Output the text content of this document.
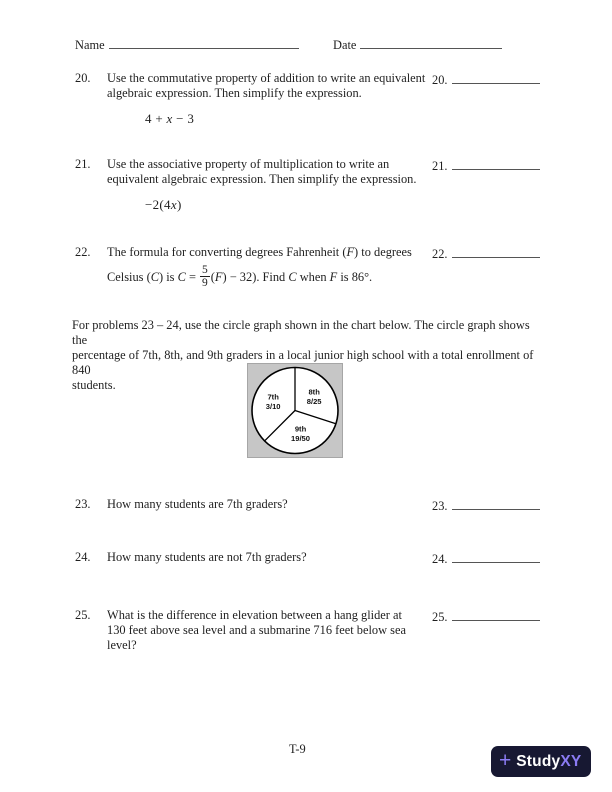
Name	Date
20.	Use the commutative property of addition to write an equivalent
algebraic expression. Then simplify the expression.
4 + x − 3
20.
21.	Use the associative property of multiplication to write an
equivalent algebraic expression. Then simplify the expression.
−2(4x)
21.
22.	The formula for converting degrees Fahrenheit (F) to degrees
Celsius (C) is $C = \frac{5}{9} (F) - 32$). Find C when F is 86°.
22.
For problems 23 – 24, use the circle graph shown in the chart below. The circle graph shows the
percentage of 7th, 8th, and 9th graders in a local junior high school with a total enrollment of 840
students.
8th
8/25
9th
19/50
7th
3/10
23.	How many students are 7th graders?	23.
24.	How many students are not 7th graders?	24.
25.	What is the difference in elevation between a hang glider at
130 feet above sea level and a submarine 716 feet below sea
level?
25.
T-9	+ Study XY
